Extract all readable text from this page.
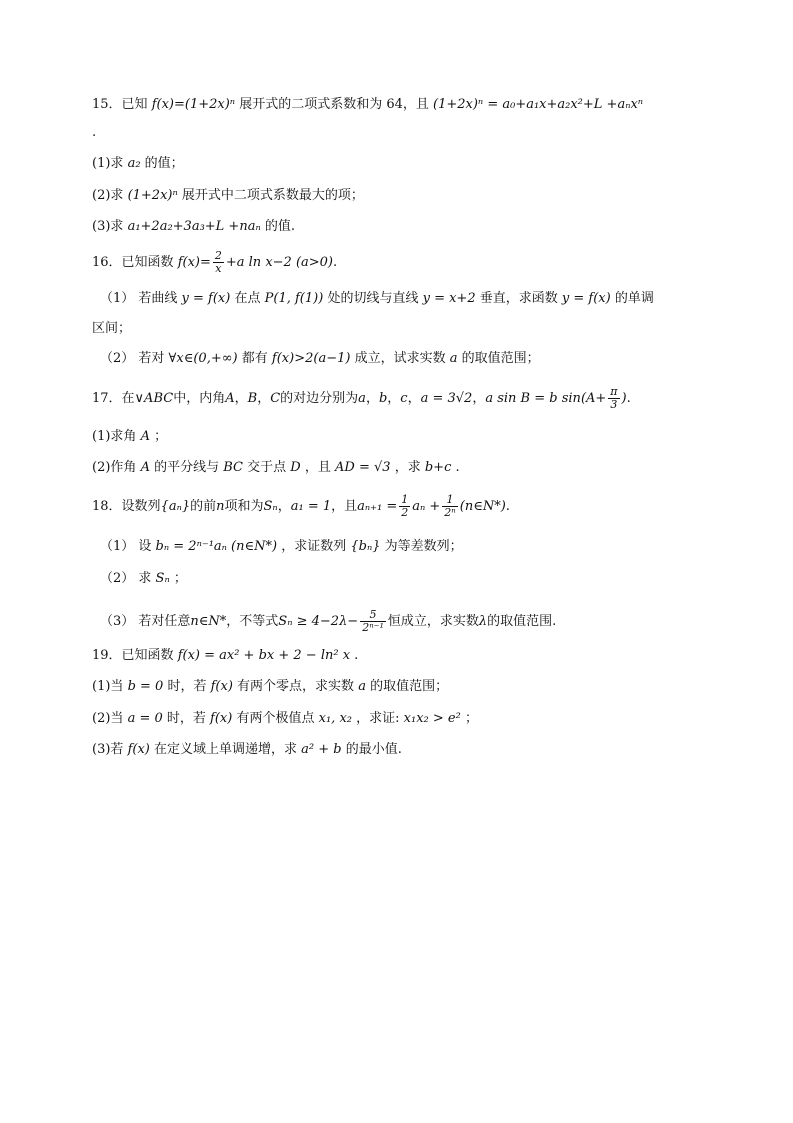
15．已知 f(x)=(1+2x)ⁿ 展开式的二项式系数和为 64，且 (1+2x)ⁿ = a₀+a₁x+a₂x²+L +aₙxⁿ
.
(1)求 a₂ 的值；
(2)求 (1+2x)ⁿ 展开式中二项式系数最大的项；
(3)求 a₁+2a₂+3a₃+L +naₙ 的值.
16．已知函数 $f(x)= \frac{2}{x} +a$ ln x−2 (a>0).
（1） 若曲线 y = f(x) 在点 P(1, f(1)) 处的切线与直线 y = x+2 垂直，求函数 y = f(x) 的单调
区间；
（2） 若对 ∀x∈(0,+∞) 都有 f(x)>2(a−1) 成立，试求实数 a 的取值范围；
17．在∨ABC中，内角A，B，C的对边分别为a，b，c，a = 3√2，a sin B = b $\sin(A+ \frac{\pi}{3}$ ).
(1)求角 A ；
(2)作角 A 的平分线与 BC 交于点 D ，且 AD = √3 ，求 b+c .
18．设数列{aₙ}的前n项和为Sₙ，a₁ = 1，且$a_{n+1} = \frac{1}{2}$ $a_n + \frac{1}{\text{2ⁿ}}$ (n∈N*).
（1） 设 bₙ = 2ⁿ⁻¹aₙ (n∈N*) ，求证数列 {bₙ} 为等差数列；
（2） 求 Sₙ ；
（3） 若对任意n∈N*，不等式$S_n \ge 4-2\lambda- \frac{5}{\text{2ⁿ⁻¹}}$ 恒成立，求实数λ的取值范围.
19．已知函数 f(x) = ax² + bx + 2 − ln² x .
(1)当 b = 0 时，若 f(x) 有两个零点，求实数 a 的取值范围；
(2)当 a = 0 时，若 f(x) 有两个极值点 x₁, x₂ ，求证: x₁x₂ > e² ；
(3)若 f(x) 在定义域上单调递增，求 a² + b 的最小值.
